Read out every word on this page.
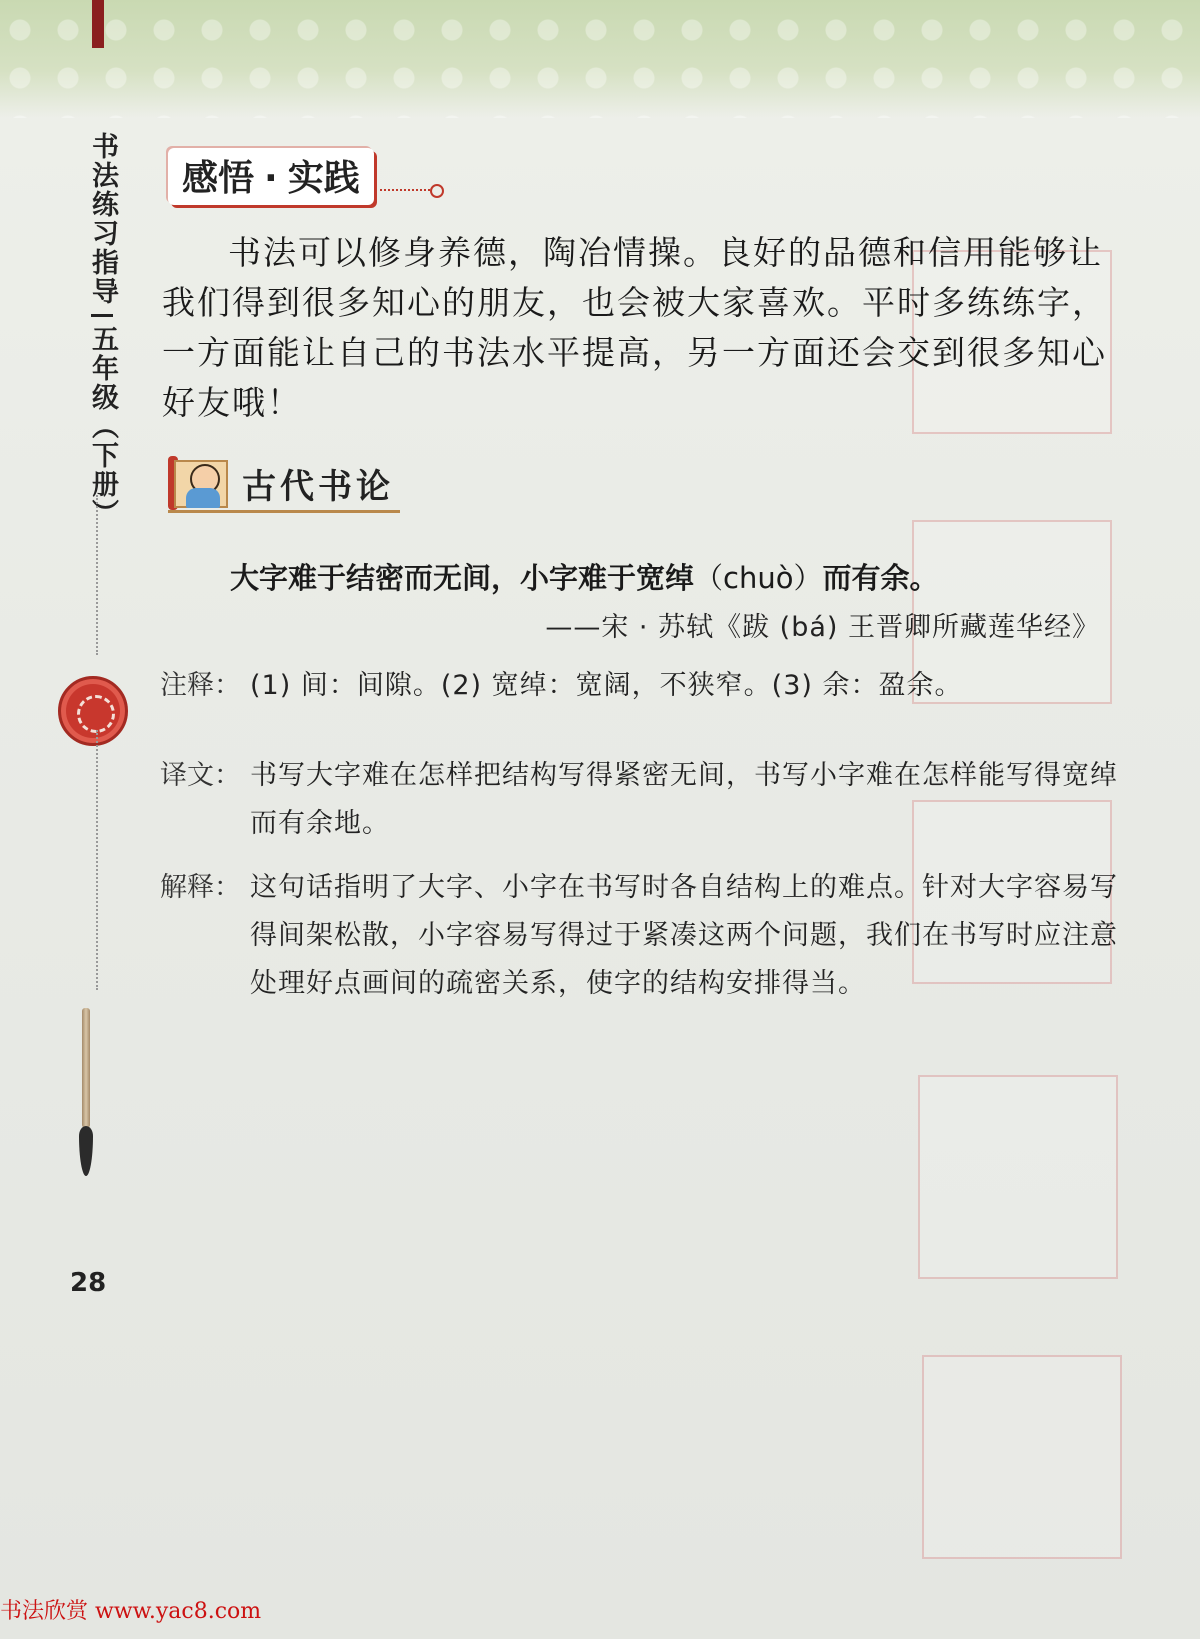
书法练习指导五年级（下册）
28
感悟 · 实践
书法可以修身养德，陶冶情操。良好的品德和信用能够让我们得到很多知心的朋友，也会被大家喜欢。平时多练练字，一方面能让自己的书法水平提高，另一方面还会交到很多知心好友哦！
古代书论
大字难于结密而无间，小字难于宽绰（chuò）而有余。
——宋 · 苏轼《跋 (bá) 王晋卿所藏莲华经》
注释： (1) 间：间隙。(2) 宽绰：宽阔，不狭窄。(3) 余：盈余。
译文： 书写大字难在怎样把结构写得紧密无间，书写小字难在怎样能写得宽绰而有余地。
解释： 这句话指明了大字、小字在书写时各自结构上的难点。针对大字容易写得间架松散，小字容易写得过于紧凑这两个问题，我们在书写时应注意处理好点画间的疏密关系，使字的结构安排得当。
书法欣赏 www.yac8.com
